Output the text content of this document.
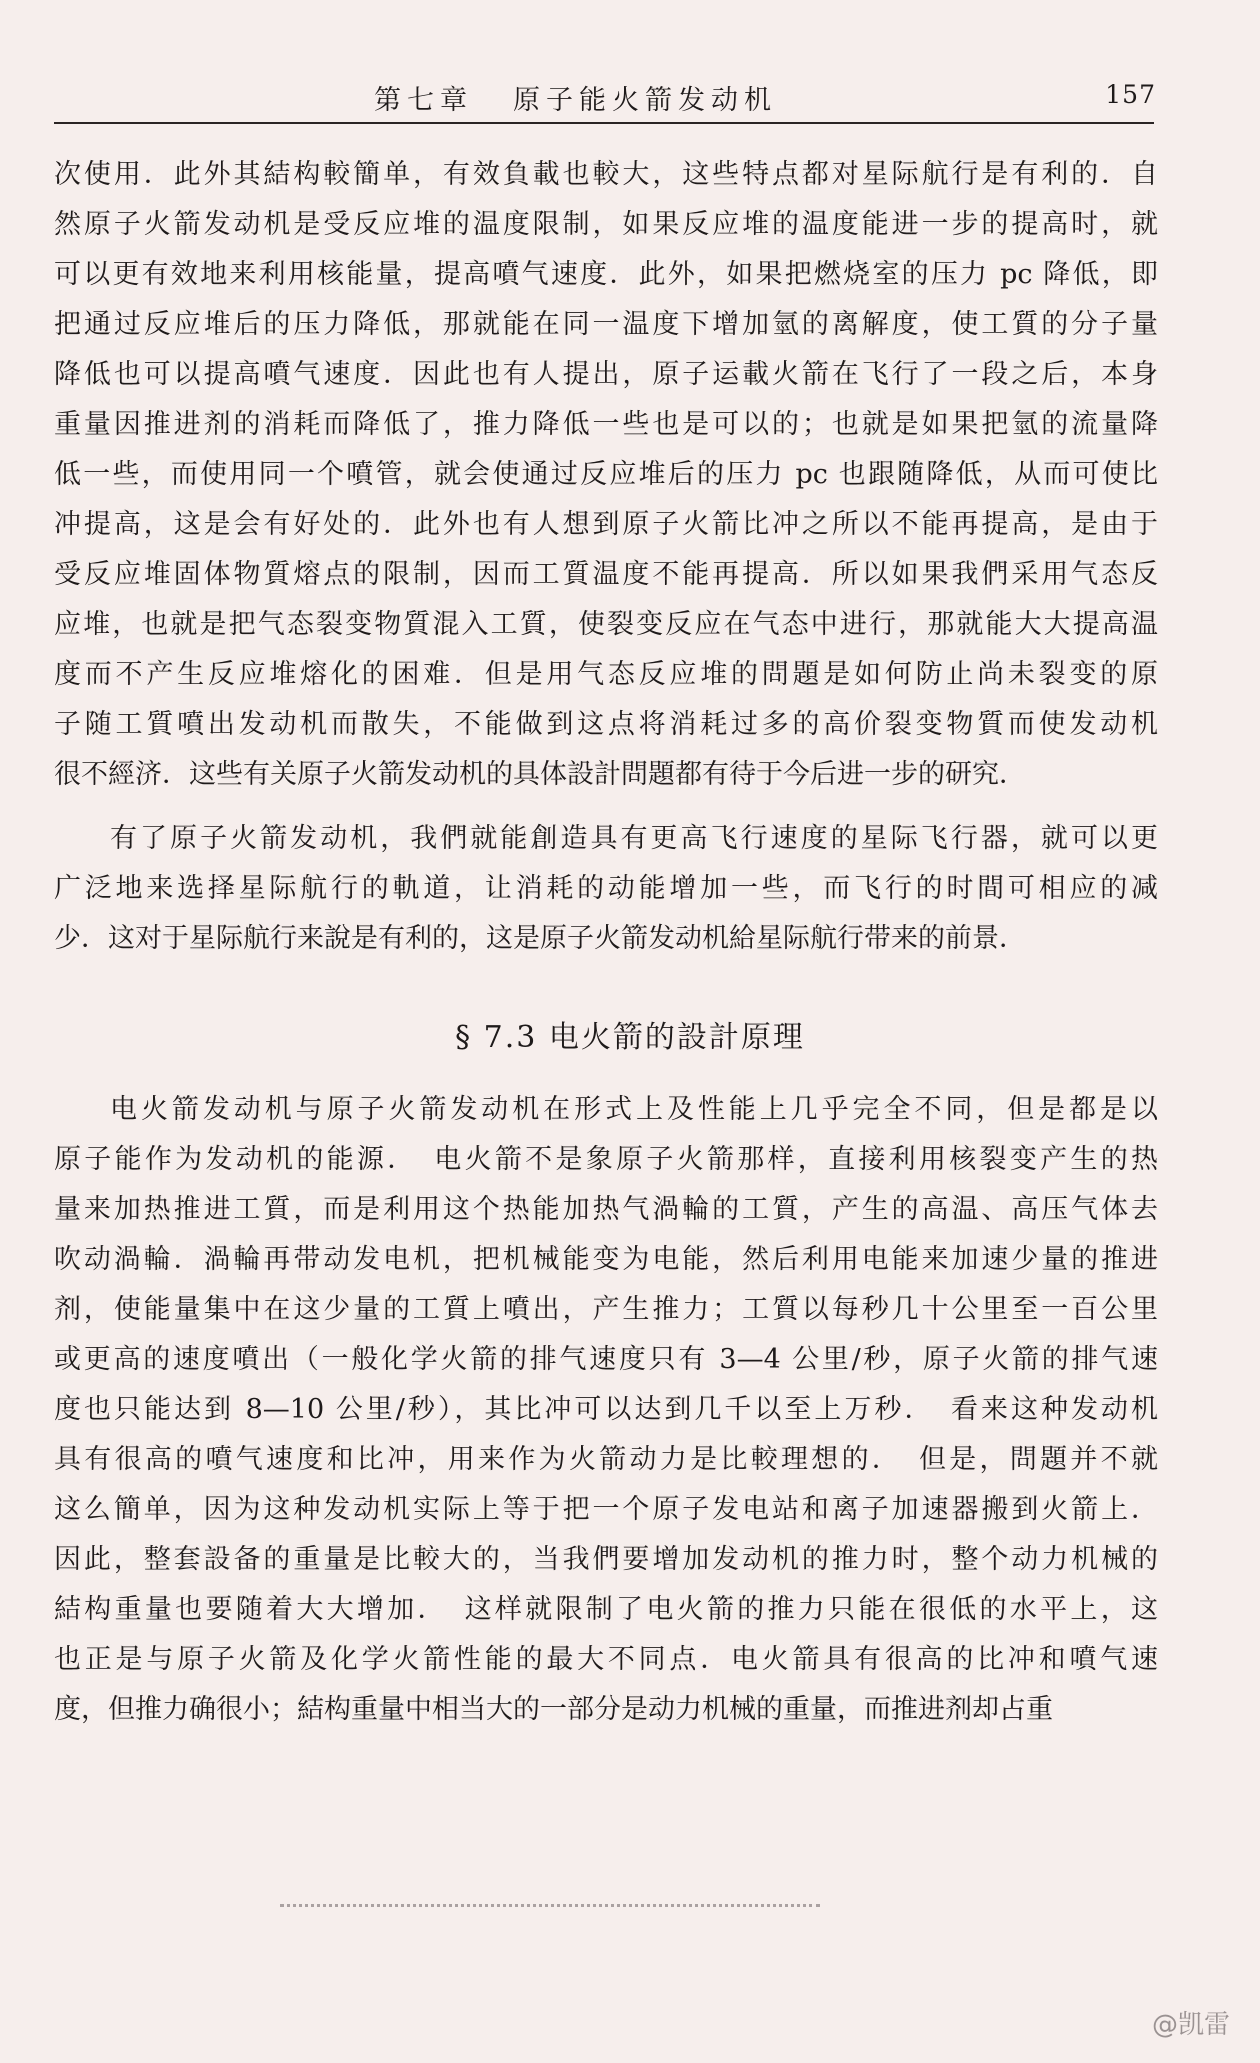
第七章 原子能火箭发动机	157
次使用．此外其結构較簡单，有效負載也較大，这些特点都对星际航行是有利的．自
然原子火箭发动机是受反应堆的温度限制，如果反应堆的温度能进一步的提高时，就
可以更有效地来利用核能量，提高噴气速度．此外，如果把燃烧室的压力 pc 降低，即
把通过反应堆后的压力降低，那就能在同一温度下增加氫的离解度，使工質的分子量
降低也可以提高噴气速度．因此也有人提出，原子运載火箭在飞行了一段之后，本身
重量因推进剂的消耗而降低了，推力降低一些也是可以的；也就是如果把氫的流量降
低一些，而使用同一个噴管，就会使通过反应堆后的压力 pc 也跟随降低，从而可使比
冲提高，这是会有好处的．此外也有人想到原子火箭比冲之所以不能再提高，是由于
受反应堆固体物質熔点的限制，因而工質温度不能再提高．所以如果我們采用气态反
应堆，也就是把气态裂变物質混入工質，使裂变反应在气态中进行，那就能大大提高温
度而不产生反应堆熔化的困难．但是用气态反应堆的問題是如何防止尚未裂变的原
子随工質噴出发动机而散失，不能做到这点将消耗过多的高价裂变物質而使发动机
很不經济．这些有关原子火箭发动机的具体設計問題都有待于今后进一步的研究．
有了原子火箭发动机，我們就能創造具有更高飞行速度的星际飞行器，就可以更
广泛地来选择星际航行的軌道，让消耗的动能增加一些，而飞行的时間可相应的减
少．这对于星际航行来說是有利的，这是原子火箭发动机給星际航行带来的前景．
§ 7.3 电火箭的設計原理
电火箭发动机与原子火箭发动机在形式上及性能上几乎完全不同，但是都是以
原子能作为发动机的能源．　电火箭不是象原子火箭那样，直接利用核裂变产生的热
量来加热推进工質，而是利用这个热能加热气渦輪的工質，产生的高温、高压气体去
吹动渦輪．渦輪再带动发电机，把机械能变为电能，然后利用电能来加速少量的推进
剂，使能量集中在这少量的工質上噴出，产生推力；工質以每秒几十公里至一百公里
或更高的速度噴出（一般化学火箭的排气速度只有 3—4 公里/秒，原子火箭的排气速
度也只能达到 8—10 公里/秒），其比冲可以达到几千以至上万秒．　看来这种发动机
具有很高的噴气速度和比冲，用来作为火箭动力是比較理想的．　但是，問題并不就
这么簡单，因为这种发动机实际上等于把一个原子发电站和离子加速器搬到火箭上．
因此，整套設备的重量是比較大的，当我們要增加发动机的推力时，整个动力机械的
結构重量也要随着大大增加．　这样就限制了电火箭的推力只能在很低的水平上，这
也正是与原子火箭及化学火箭性能的最大不同点．电火箭具有很高的比冲和噴气速
度，但推力确很小；結构重量中相当大的一部分是动力机械的重量，而推进剂却占重
@凯雷
